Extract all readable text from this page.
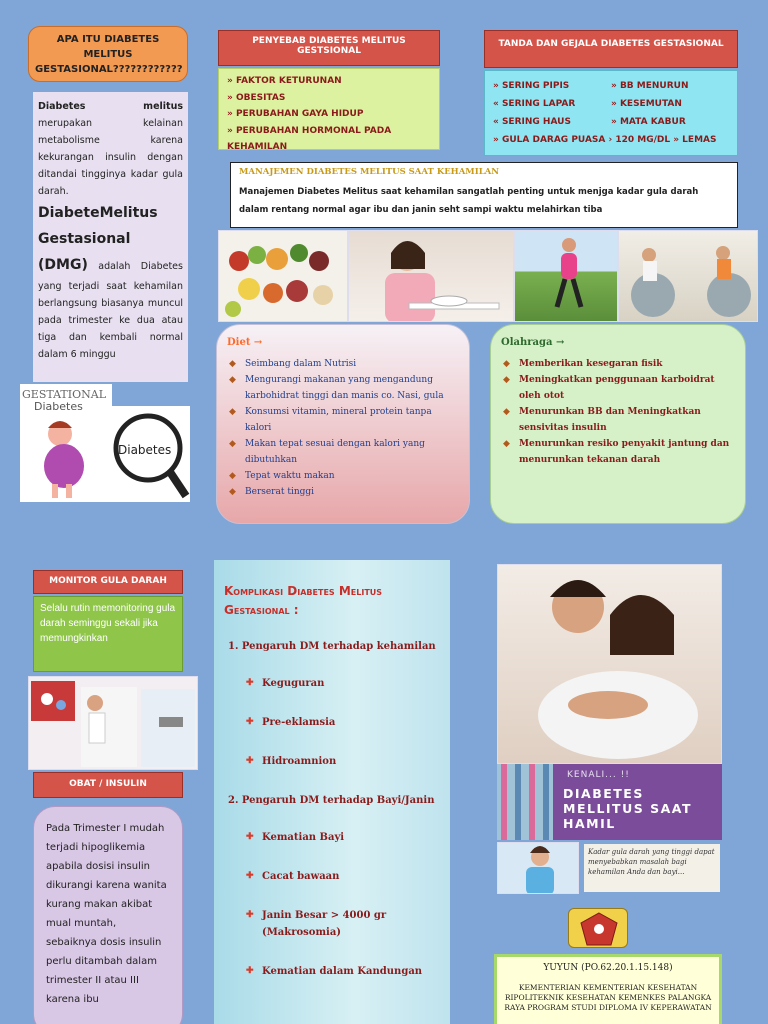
APA ITU DIABETES MELITUS GESTASIONAL????????????

Diabetes melitus merupakan kelainan metabolisme karena kekurangan insulin dengan ditandai tingginya kadar gula darah.

DiabeteMelitus Gestasional

(DMG) adalah Diabetes yang terjadi saat kehamilan berlangsung biasanya muncul pada trimester ke dua atau tiga dan kembali normal dalam 6 minggu

GESTATIONAL
Diabetes
Diabetes
PENYEBAB DIABETES MELITUS GESTSIONAL
» FAKTOR KETURUNAN
» OBESITAS
» PERUBAHAN GAYA HIDUP
» PERUBAHAN HORMONAL PADA KEHAMILAN
TANDA DAN GEJALA DIABETES GESTASIONAL
» SERING PIPIS	» BB MENURUN
« SERING LAPAR	» KESEMUTAN
« SERING HAUS	» MATA KABUR
» GULA DARAG PUASA › 120 MG/DL » LEMAS
MANAJEMEN DIABETES MELITUS SAAT KEHAMILAN
Manajemen Diabetes Melitus saat kehamilan sangatlah penting untuk menjga kadar gula darah dalam rentang normal agar ibu dan janin seht sampi waktu melahirkan tiba
Diet →
◆ Seimbang dalam Nutrisi
◆ Mengurangi makanan yang mengandung karbohidrat tinggi dan manis co. Nasi, gula
◆ Konsumsi vitamin, mineral protein tanpa kalori
◆ Makan tepat sesuai dengan kalori yang dibutuhkan
◆ Tepat waktu makan
◆ Berserat tinggi
Olahraga →
◆ Memberikan kesegaran fisik
◆ Meningkatkan penggunaan karboidrat oleh otot
◆ Menurunkan BB dan Meningkatkan sensivitas insulin
◆ Menurunkan resiko penyakit jantung dan menurunkan tekanan darah
MONITOR GULA DARAH
Selalu rutin memonitoring gula darah seminggu sekali jika memungkinkan
OBAT / INSULIN
Pada Trimester I mudah terjadi hipoglikemia apabila dosisi insulin dikurangi karena wanita kurang makan akibat mual muntah, sebaiknya dosis insulin perlu ditambah dalam trimester II atau III karena ibu
Komplikasi Diabetes Melitus Gestasional :
1. Pengaruh DM terhadap kehamilan
✚ Keguguran
✚ Pre-eklamsia
✚ Hidroamnion
2. Pengaruh DM terhadap Bayi/Janin
✚ Kematian Bayi
✚ Cacat bawaan
✚ Janin Besar > 4000 gr (Makrosomia)
✚ Kematian dalam Kandungan
KENALI... !!
DIABETES MELLITUS SAAT HAMIL
Kadar gula darah yang tinggi dapat menyebabkan masalah bagi kehamilan Anda dan bayi...
YUYUN (PO.62.20.1.15.148)
KEMENTERIAN KEMENTERIAN KESEHATAN RIPOLITEKNIK KESEHATAN KEMENKES PALANGKA RAYA PROGRAM STUDI DIPLOMA IV KEPERAWATAN
